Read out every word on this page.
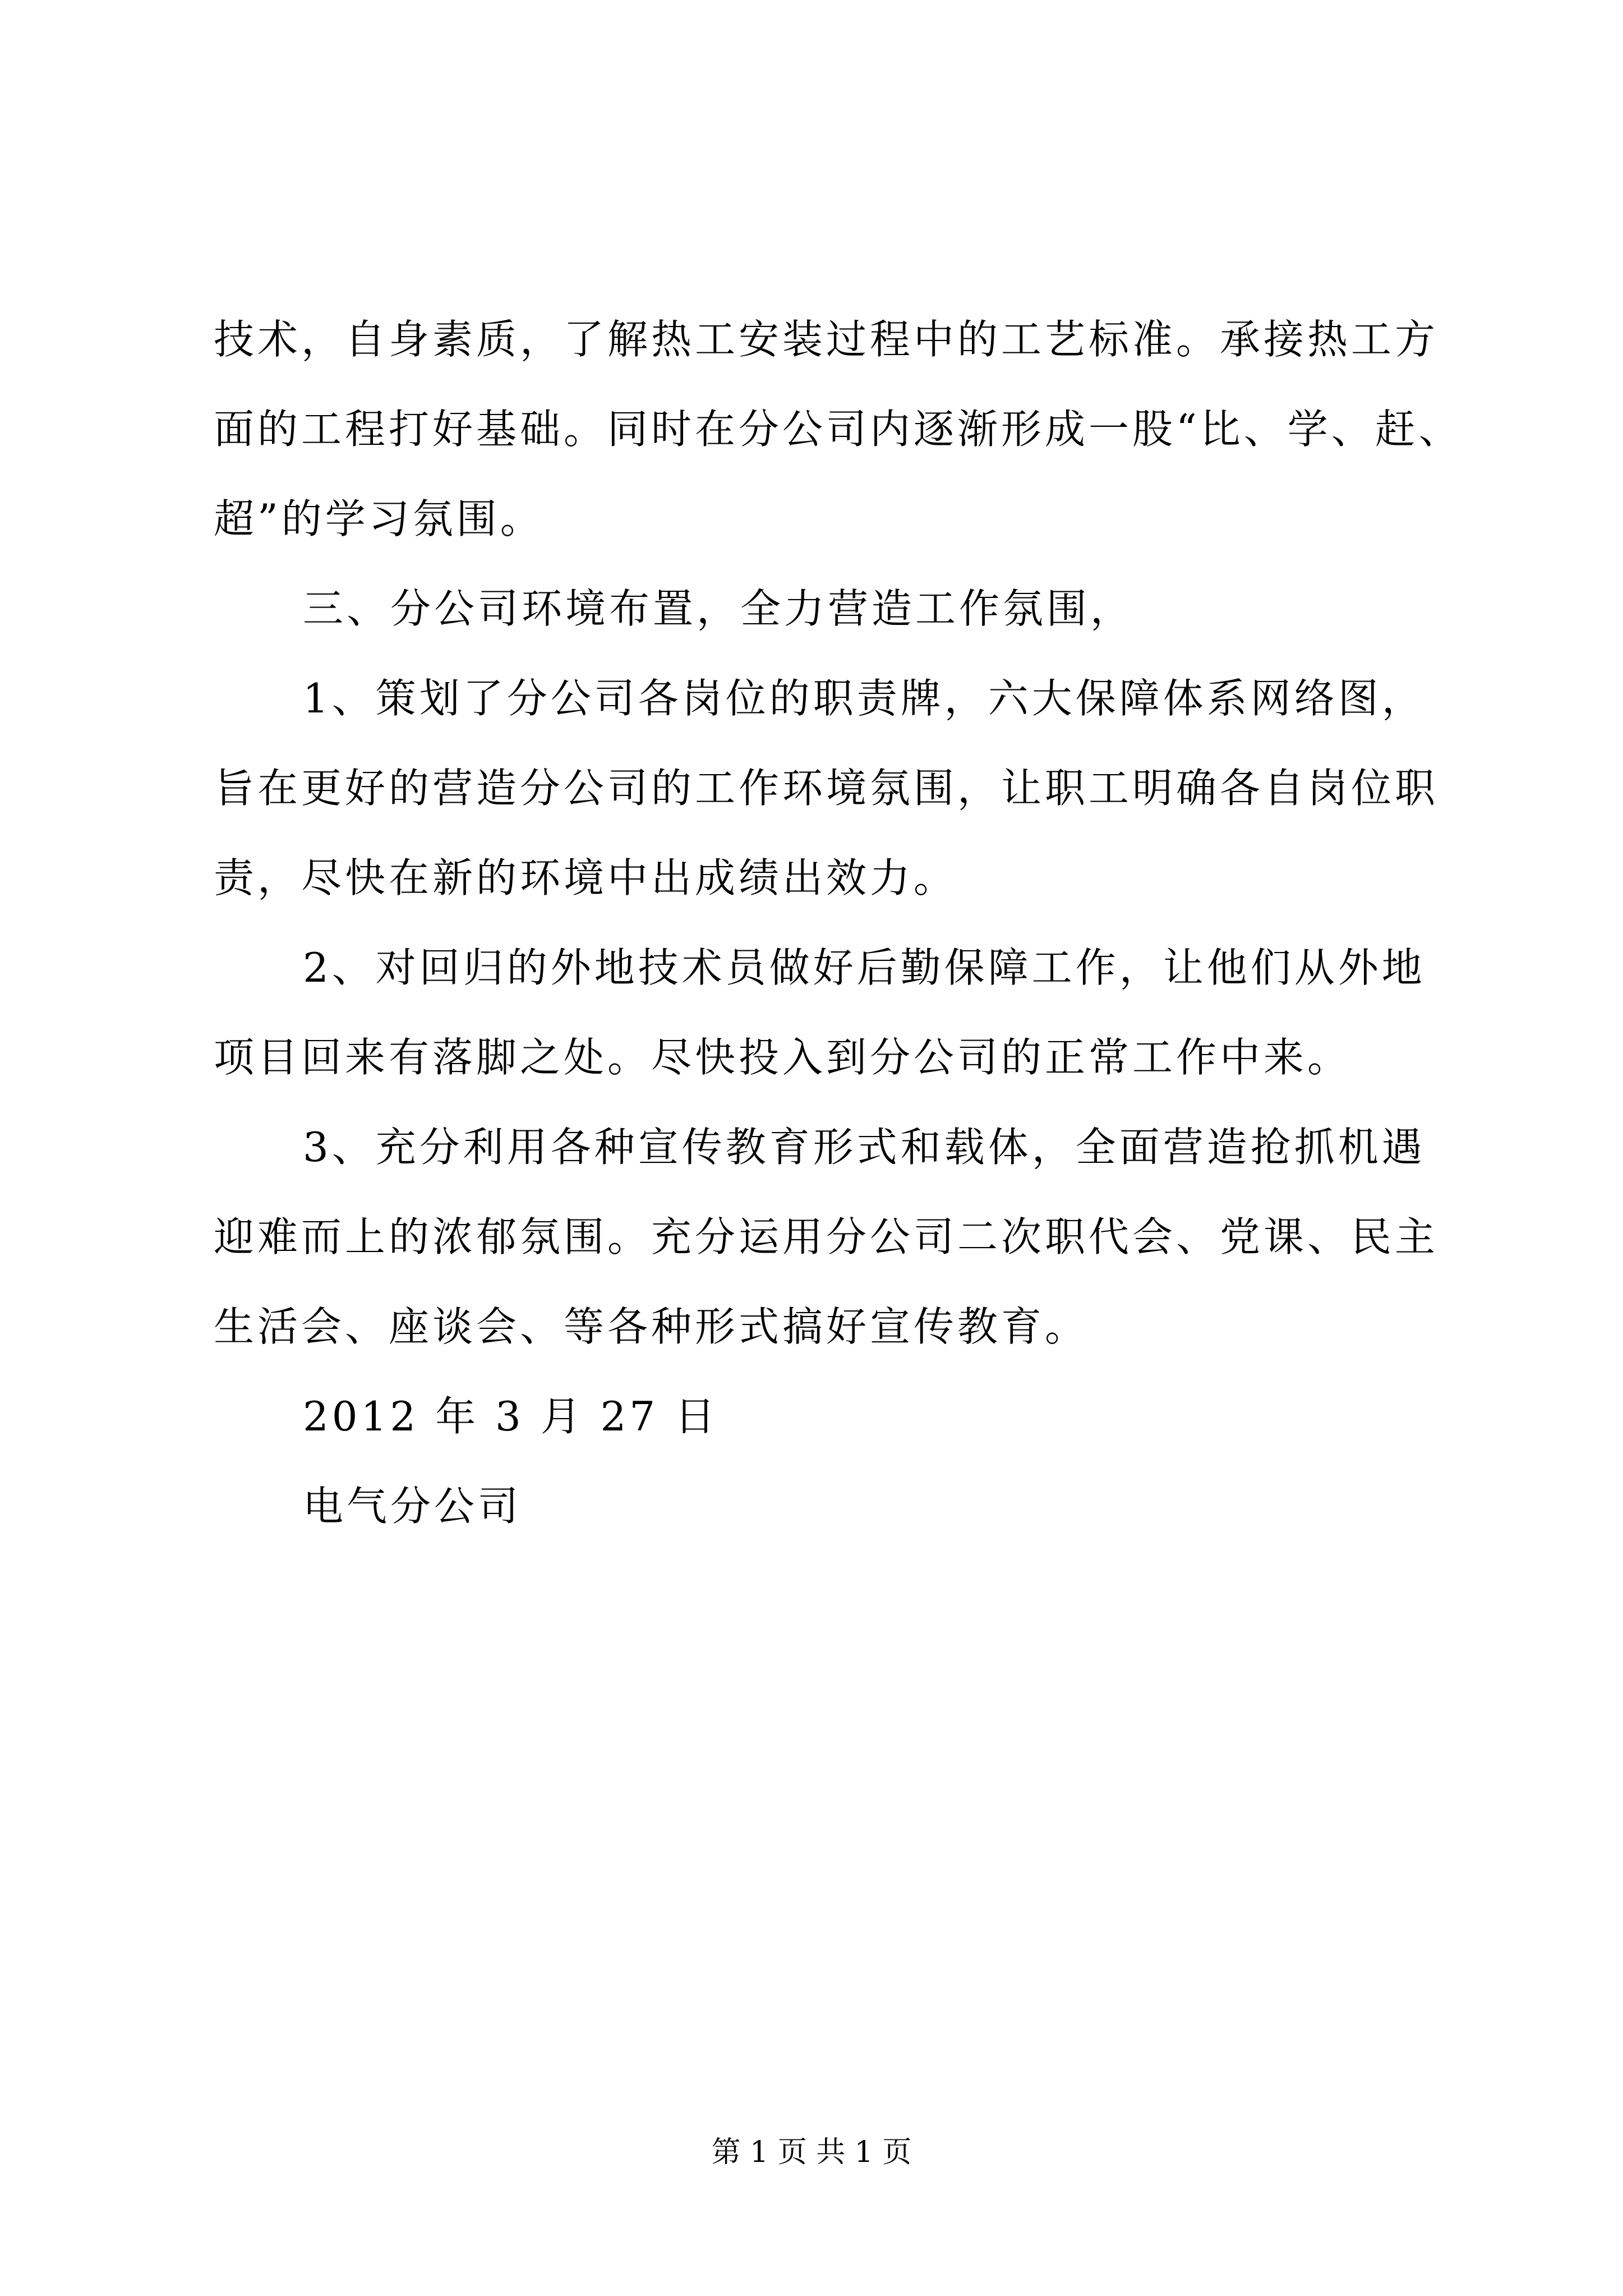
技术，自身素质，了解热工安装过程中的工艺标准。承接热工方
面的工程打好基础。同时在分公司内逐渐形成一股“比、学、赶、
超”的学习氛围。
三、分公司环境布置，全力营造工作氛围，
1、策划了分公司各岗位的职责牌，六大保障体系网络图，
旨在更好的营造分公司的工作环境氛围，让职工明确各自岗位职
责，尽快在新的环境中出成绩出效力。
2、对回归的外地技术员做好后勤保障工作，让他们从外地
项目回来有落脚之处。尽快投入到分公司的正常工作中来。
3、充分利用各种宣传教育形式和载体，全面营造抢抓机遇
迎难而上的浓郁氛围。充分运用分公司二次职代会、党课、民主
生活会、座谈会、等各种形式搞好宣传教育。
2012 年 3 月 27 日
电气分公司
第 1 页 共 1 页
